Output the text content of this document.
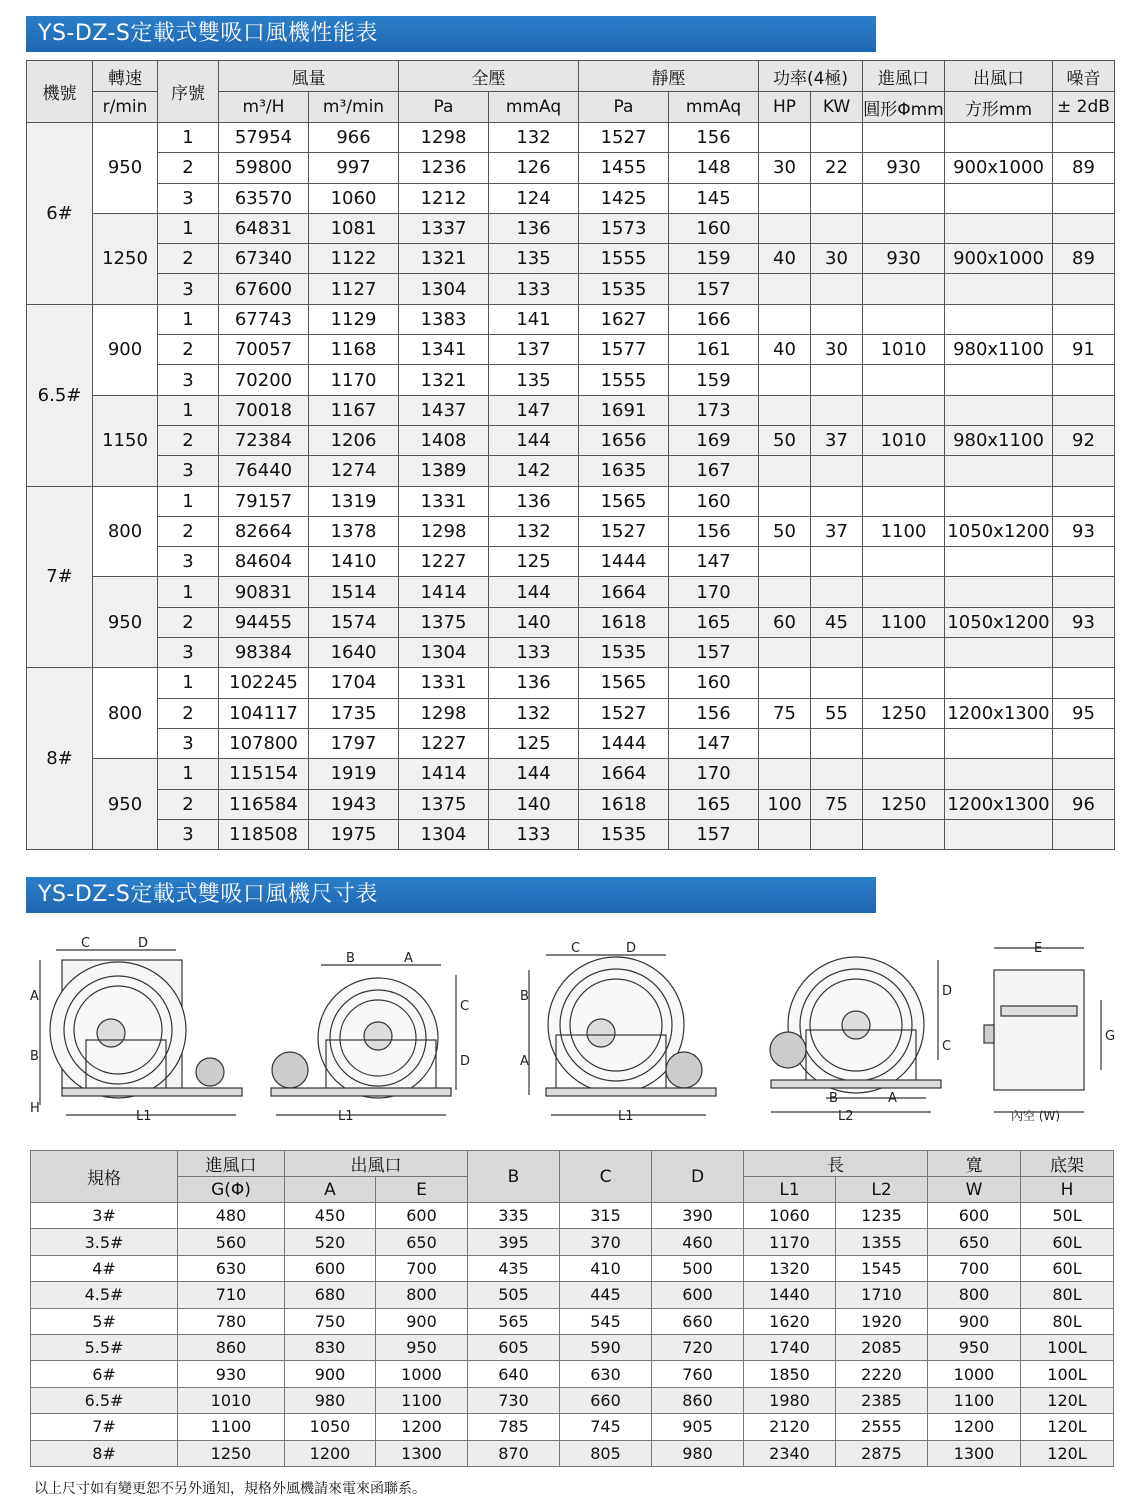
YS-DZ-S定載式雙吸口風機性能表
機號	轉速	序號	風量		全壓		靜壓		功率(4極)		進風口	出風口	噪音
	r/min		m³/H	m³/min	Pa	mmAq	Pa	mmAq	HP	KW	圓形Φmm	方形mm	± 2dB
6#	950	1	57954	966	1298	132	1527	156					
		2	59800	997	1236	126	1455	148	30	22	930	900x1000	89
		3	63570	1060	1212	124	1425	145					
	1250	1	64831	1081	1337	136	1573	160					
		2	67340	1122	1321	135	1555	159	40	30	930	900x1000	89
		3	67600	1127	1304	133	1535	157					
6.5#	900	1	67743	1129	1383	141	1627	166					
		2	70057	1168	1341	137	1577	161	40	30	1010	980x1100	91
		3	70200	1170	1321	135	1555	159					
	1150	1	70018	1167	1437	147	1691	173					
		2	72384	1206	1408	144	1656	169	50	37	1010	980x1100	92
		3	76440	1274	1389	142	1635	167					
7#	800	1	79157	1319	1331	136	1565	160					
		2	82664	1378	1298	132	1527	156	50	37	1100	1050x1200	93
		3	84604	1410	1227	125	1444	147					
	950	1	90831	1514	1414	144	1664	170					
		2	94455	1574	1375	140	1618	165	60	45	1100	1050x1200	93
		3	98384	1640	1304	133	1535	157					
8#	800	1	102245	1704	1331	136	1565	160					
		2	104117	1735	1298	132	1527	156	75	55	1250	1200x1300	95
		3	107800	1797	1227	125	1444	147					
	950	1	115154	1919	1414	144	1664	170					
		2	116584	1943	1375	140	1618	165	100	75	1250	1200x1300	96
		3	118508	1975	1304	133	1535	157					
YS-DZ-S定載式雙吸口風機尺寸表
C	D
A
B
H
L1
B	A
C
D
L1
C	D
B
A
L1
D
C
B	A
L2
E
G
內空 (W)
規格	進風口	出風口		B	C	D	長		寬	底架
	G(Φ)	A	E				L1	L2	W	H
3#	480	450	600	335	315	390	1060	1235	600	50L
3.5#	560	520	650	395	370	460	1170	1355	650	60L
4#	630	600	700	435	410	500	1320	1545	700	60L
4.5#	710	680	800	505	445	600	1440	1710	800	80L
5#	780	750	900	565	545	660	1620	1920	900	80L
5.5#	860	830	950	605	590	720	1740	2085	950	100L
6#	930	900	1000	640	630	760	1850	2220	1000	100L
6.5#	1010	980	1100	730	660	860	1980	2385	1100	120L
7#	1100	1050	1200	785	745	905	2120	2555	1200	120L
8#	1250	1200	1300	870	805	980	2340	2875	1300	120L
以上尺寸如有變更恕不另外通知，規格外風機請來電來函聯系。
